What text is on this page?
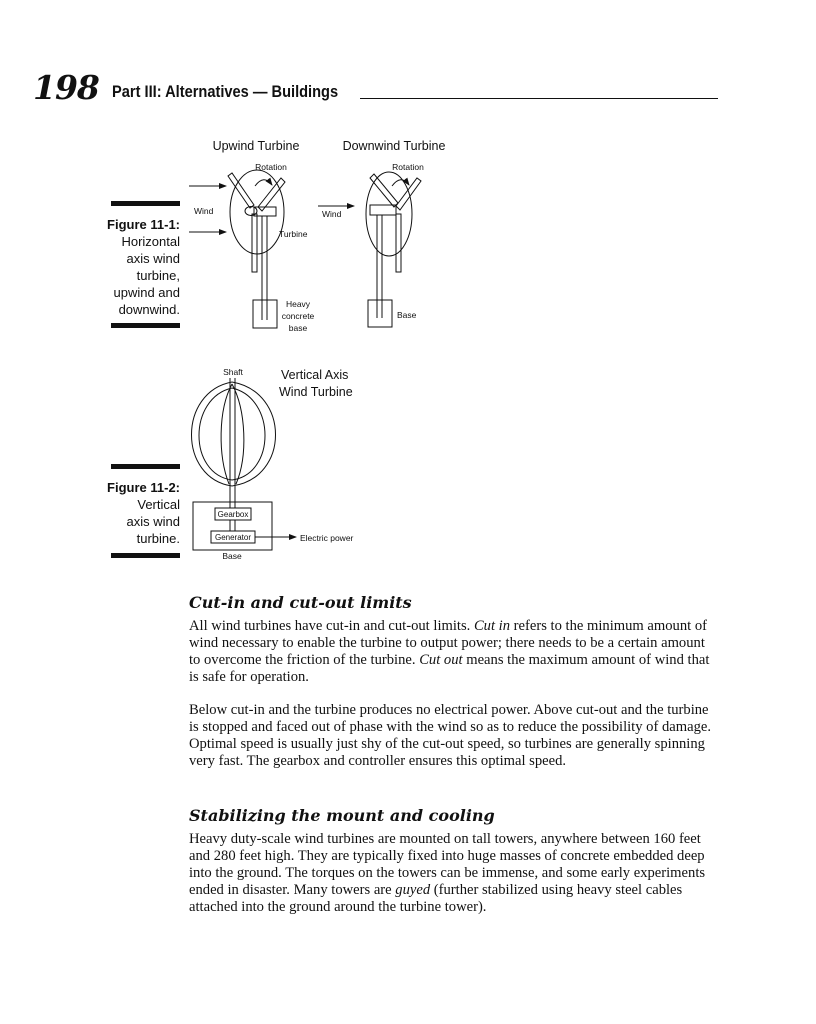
198 Part III: Alternatives — Buildings
Figure 11-1:
Horizontal
axis wind
turbine,
upwind and
downwind.
Figure 11-2:
Vertical
axis wind
turbine.
Upwind Turbine
Rotation
Wind
Turbine
Heavy
concrete
base
Downwind Turbine
Rotation
Wind
Base
Shaft	Vertical Axis
Wind Turbine
Gearbox
Generator	Electric power
Base
Cut-in and cut-out limits

All wind turbines have cut-in and cut-out limits. Cut in refers to the minimum amount of wind necessary to enable the turbine to output power; there needs to be a certain amount to overcome the friction of the turbine. Cut out means the maximum amount of wind that is safe for operation.

Below cut-in and the turbine produces no electrical power. Above cut-out and the turbine is stopped and faced out of phase with the wind so as to reduce the possibility of damage. Optimal speed is usually just shy of the cut-out speed, so turbines are generally spinning very fast. The gearbox and controller ensures this optimal speed.

Stabilizing the mount and cooling

Heavy duty-scale wind turbines are mounted on tall towers, anywhere between 160 feet and 280 feet high. They are typically fixed into huge masses of concrete embedded deep into the ground. The torques on the towers can be immense, and some early experiments ended in disaster. Many towers are guyed (further stabilized using heavy steel cables attached into the ground around the turbine tower).
